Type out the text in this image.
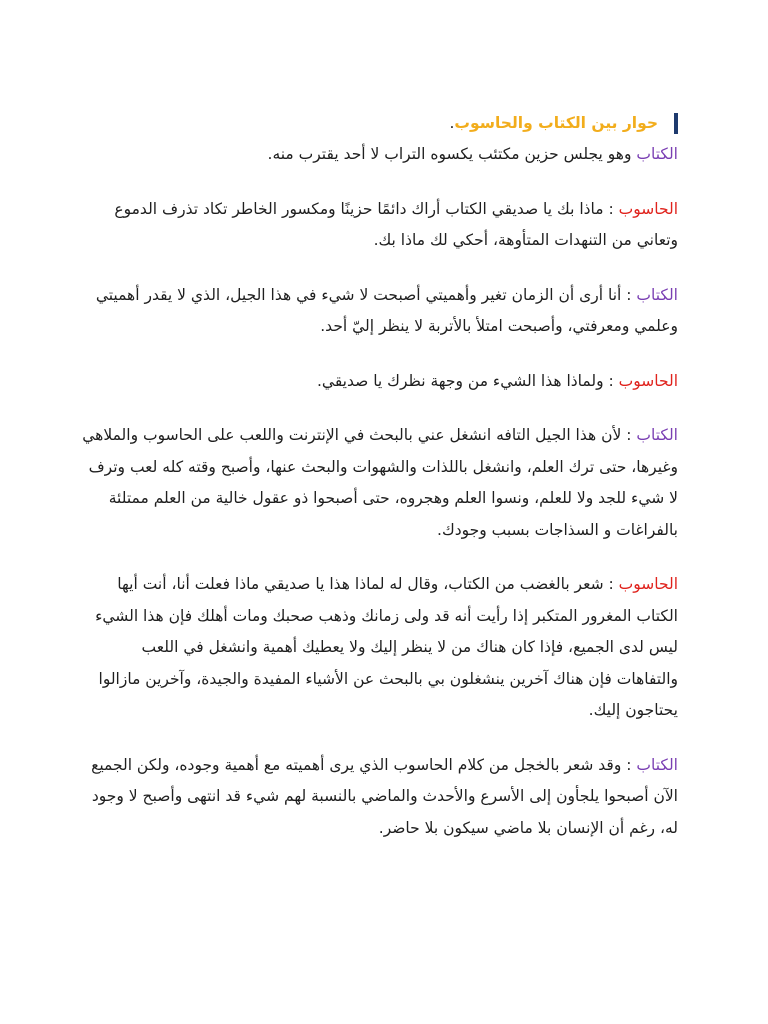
حوار بين الكتاب والحاسوب.

الكتاب وهو يجلس حزين مكتئب يكسوه التراب لا أحد يقترب منه.

الحاسوب : ماذا بك يا صديقي الكتاب أراك دائمًا حزينًا ومكسور الخاطر تكاد تذرف الدموع وتعاني من التنهدات المتأوهة، أحكي لك ماذا بك.

الكتاب : أنا أرى أن الزمان تغير وأهميتي أصبحت لا شيء في هذا الجيل، الذي لا يقدر أهميتي وعلمي ومعرفتي، وأصبحت امتلأ بالأتربة لا ينظر إليّ أحد.

الحاسوب : ولماذا هذا الشيء من وجهة نظرك يا صديقي.

الكتاب : لأن هذا الجيل التافه انشغل عني بالبحث في الإنترنت واللعب على الحاسوب والملاهي وغيرها، حتى ترك العلم، وانشغل باللذات والشهوات والبحث عنها، وأصبح وقته كله لعب وترف لا شيء للجد ولا للعلم، ونسوا العلم وهجروه، حتى أصبحوا ذو عقول خالية من العلم ممتلئة بالفراغات و السذاجات بسبب وجودك.

الحاسوب : شعر بالغضب من الكتاب، وقال له لماذا هذا يا صديقي ماذا فعلت أنا، أنت أيها الكتاب المغرور المتكبر إذا رأيت أنه قد ولى زمانك وذهب صحبك ومات أهلك فإن هذا الشيء ليس لدى الجميع، فإذا كان هناك من لا ينظر إليك ولا يعطيك أهمية وانشغل في اللعب والتفاهات فإن هناك آخرين ينشغلون بي بالبحث عن الأشياء المفيدة والجيدة، وآخرين مازالوا يحتاجون إليك.

الكتاب : وقد شعر بالخجل من كلام الحاسوب الذي يرى أهميته مع أهمية وجوده، ولكن الجميع الآن أصبحوا يلجأون إلى الأسرع والأحدث والماضي بالنسبة لهم شيء قد انتهى وأصبح لا وجود له، رغم أن الإنسان بلا ماضي سيكون بلا حاضر.
